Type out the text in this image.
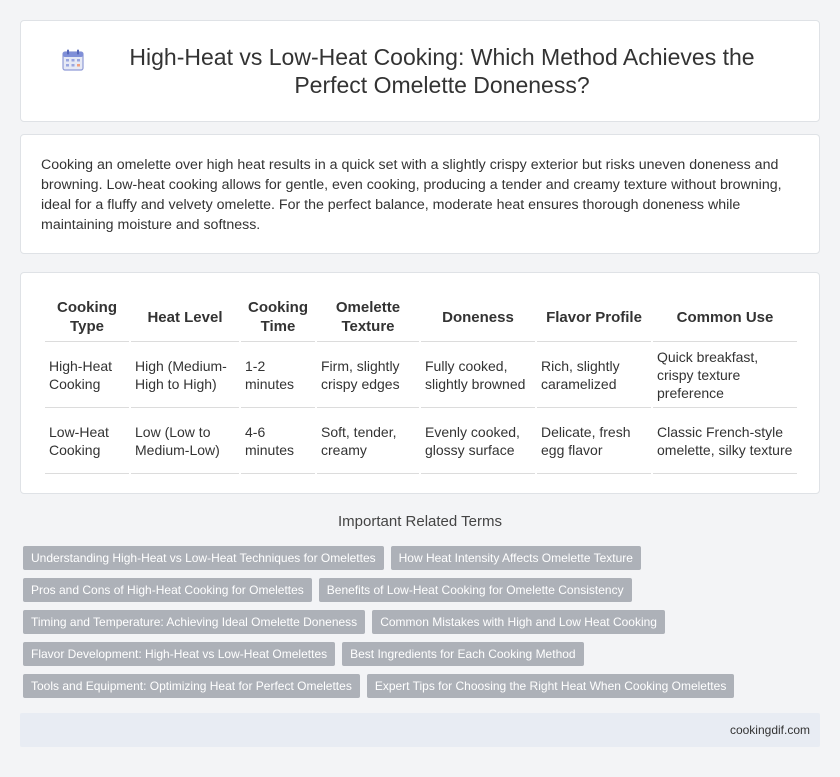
High-Heat vs Low-Heat Cooking: Which Method Achieves the Perfect Omelette Doneness?

Cooking an omelette over high heat results in a quick set with a slightly crispy exterior but risks uneven doneness and browning. Low-heat cooking allows for gentle, even cooking, producing a tender and creamy texture without browning, ideal for a fluffy and velvety omelette. For the perfect balance, moderate heat ensures thorough doneness while maintaining moisture and softness.

Cooking Type	Heat Level	Cooking Time	Omelette Texture	Doneness	Flavor Profile	Common Use
High-Heat Cooking	High (Medium-High to High)	1-2 minutes	Firm, slightly crispy edges	Fully cooked, slightly browned	Rich, slightly caramelized	Quick breakfast, crispy texture preference
Low-Heat Cooking	Low (Low to Medium-Low)	4-6 minutes	Soft, tender, creamy	Evenly cooked, glossy surface	Delicate, fresh egg flavor	Classic French-style omelette, silky texture
Important Related Terms
Understanding High-Heat vs Low-Heat Techniques for Omelettes	How Heat Intensity Affects Omelette Texture
Pros and Cons of High-Heat Cooking for Omelettes	Benefits of Low-Heat Cooking for Omelette Consistency
Timing and Temperature: Achieving Ideal Omelette Doneness	Common Mistakes with High and Low Heat Cooking
Flavor Development: High-Heat vs Low-Heat Omelettes	Best Ingredients for Each Cooking Method
Tools and Equipment: Optimizing Heat for Perfect Omelettes	Expert Tips for Choosing the Right Heat When Cooking Omelettes
cookingdif.com
